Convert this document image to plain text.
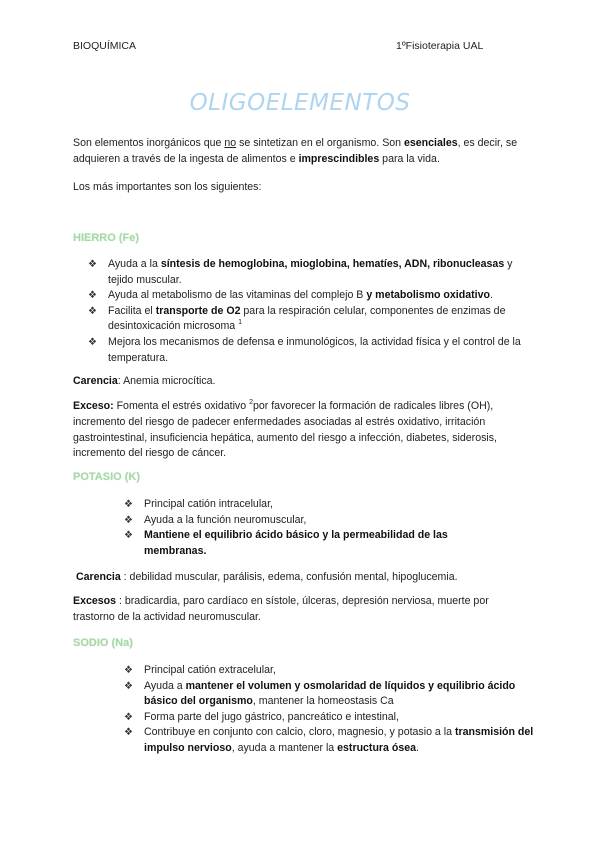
BIOQUÍMICA	1ºFisioterapia UAL
OLIGOELEMENTOS
Son elementos inorgánicos que no se sintetizan en el organismo. Son esenciales, es decir, se adquieren a través de la ingesta de alimentos e imprescindibles para la vida.
Los más importantes son los siguientes:
HIERRO (Fe)
❖ Ayuda a la síntesis de hemoglobina, mioglobina, hematíes, ADN, ribonucleasas y tejido muscular.
❖ Ayuda al metabolismo de las vitaminas del complejo B y metabolismo oxidativo.
❖ Facilita el transporte de O2 para la respiración celular, componentes de enzimas de desintoxicación microsoma $^1$
❖ Mejora los mecanismos de defensa e inmunológicos, la actividad física y el control de la temperatura.
Carencia: Anemia microcítica.
Exceso: Fomenta el estrés oxidativo $^2$por favorecer la formación de radicales libres (OH), incremento del riesgo de padecer enfermedades asociadas al estrés oxidativo, irritación gastrointestinal, insuficiencia hepática, aumento del riesgo a infección, diabetes, siderosis, incremento del riesgo de cáncer.
POTASIO (K)
❖ Principal catión intracelular,
❖ Ayuda a la función neuromuscular,
❖ Mantiene el equilibrio ácido básico y la permeabilidad de las membranas.
Carencia : debilidad muscular, parálisis, edema, confusión mental, hipoglucemia.
Excesos : bradicardia, paro cardíaco en sístole, úlceras, depresión nerviosa, muerte por trastorno de la actividad neuromuscular.
SODIO (Na)
❖ Principal catión extracelular,
❖ Ayuda a mantener el volumen y osmolaridad de líquidos y equilibrio ácido básico del organismo, mantener la homeostasis Ca
❖ Forma parte del jugo gástrico, pancreático e intestinal,
❖ Contribuye en conjunto con calcio, cloro, magnesio, y potasio a la transmisión del impulso nervioso, ayuda a mantener la estructura ósea.
